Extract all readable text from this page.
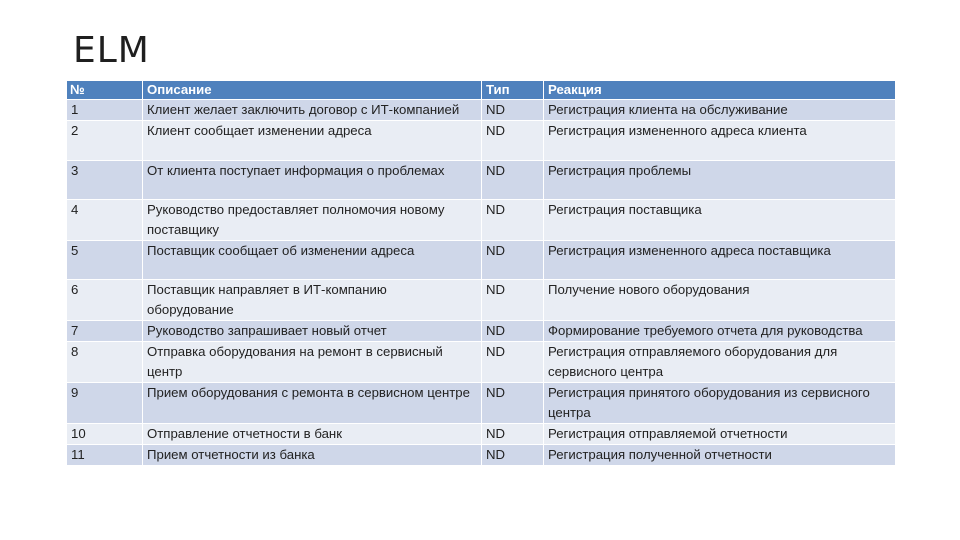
ELM
№	Описание	Тип	Реакция
1	Клиент желает заключить договор с ИТ-компанией	ND	Регистрация клиента на обслуживание
2	Клиент сообщает изменении адреса	ND	Регистрация измененного адреса клиента
3	От клиента поступает информация о проблемах	ND	Регистрация проблемы
4	Руководство предоставляет полномочия новому поставщику	ND	Регистрация поставщика
5	Поставщик сообщает об изменении адреса	ND	Регистрация измененного адреса поставщика
6	Поставщик направляет в ИТ-компанию оборудование	ND	Получение нового оборудования
7	Руководство запрашивает новый отчет	ND	Формирование требуемого отчета для руководства
8	Отправка оборудования на ремонт в сервисный центр	ND	Регистрация отправляемого оборудования для сервисного центра
9	Прием оборудования с ремонта в сервисном центре	ND	Регистрация принятого оборудования из сервисного центра
10	Отправление отчетности в банк	ND	Регистрация отправляемой отчетности
11	Прием отчетности из банка	ND	Регистрация полученной отчетности
